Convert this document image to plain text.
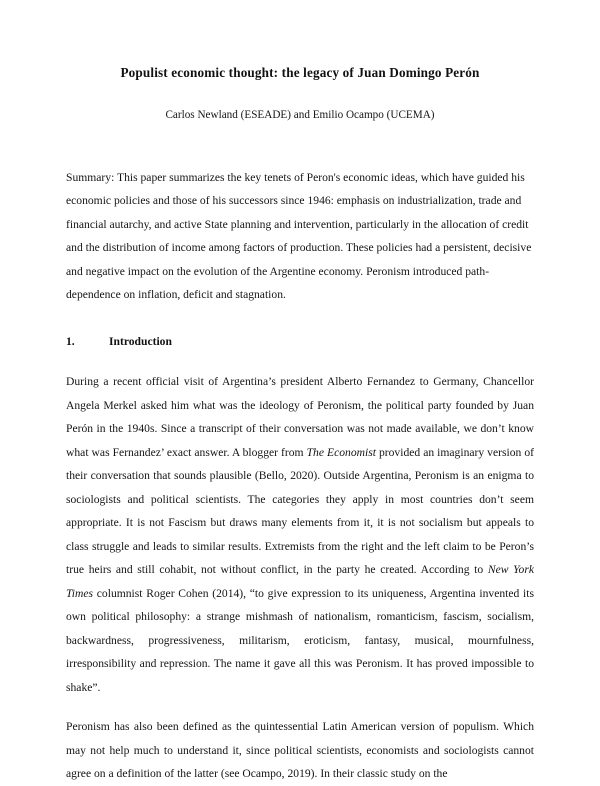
Populist economic thought: the legacy of Juan Domingo Perón

Carlos Newland (ESEADE) and Emilio Ocampo (UCEMA)

Summary: This paper summarizes the key tenets of Peron's economic ideas, which have guided his economic policies and those of his successors since 1946: emphasis on industrialization, trade and financial autarchy, and active State planning and intervention, particularly in the allocation of credit and the distribution of income among factors of production. These policies had a persistent, decisive and negative impact on the evolution of the Argentine economy. Peronism introduced path-dependence on inflation, deficit and stagnation.

1.	Introduction

During a recent official visit of Argentina’s president Alberto Fernandez to Germany, Chancellor Angela Merkel asked him what was the ideology of Peronism, the political party founded by Juan Perón in the 1940s. Since a transcript of their conversation was not made available, we don’t know what was Fernandez’ exact answer. A blogger from The Economist provided an imaginary version of their conversation that sounds plausible (Bello, 2020). Outside Argentina, Peronism is an enigma to sociologists and political scientists. The categories they apply in most countries don’t seem appropriate. It is not Fascism but draws many elements from it, it is not socialism but appeals to class struggle and leads to similar results. Extremists from the right and the left claim to be Peron’s true heirs and still cohabit, not without conflict, in the party he created. According to New York Times columnist Roger Cohen (2014), “to give expression to its uniqueness, Argentina invented its own political philosophy: a strange mishmash of nationalism, romanticism, fascism, socialism, backwardness, progressiveness, militarism, eroticism, fantasy, musical, mournfulness, irresponsibility and repression. The name it gave all this was Peronism. It has proved impossible to shake”.

Peronism has also been defined as the quintessential Latin American version of populism. Which may not help much to understand it, since political scientists, economists and sociologists cannot agree on a definition of the latter (see Ocampo, 2019). In their classic study on the
